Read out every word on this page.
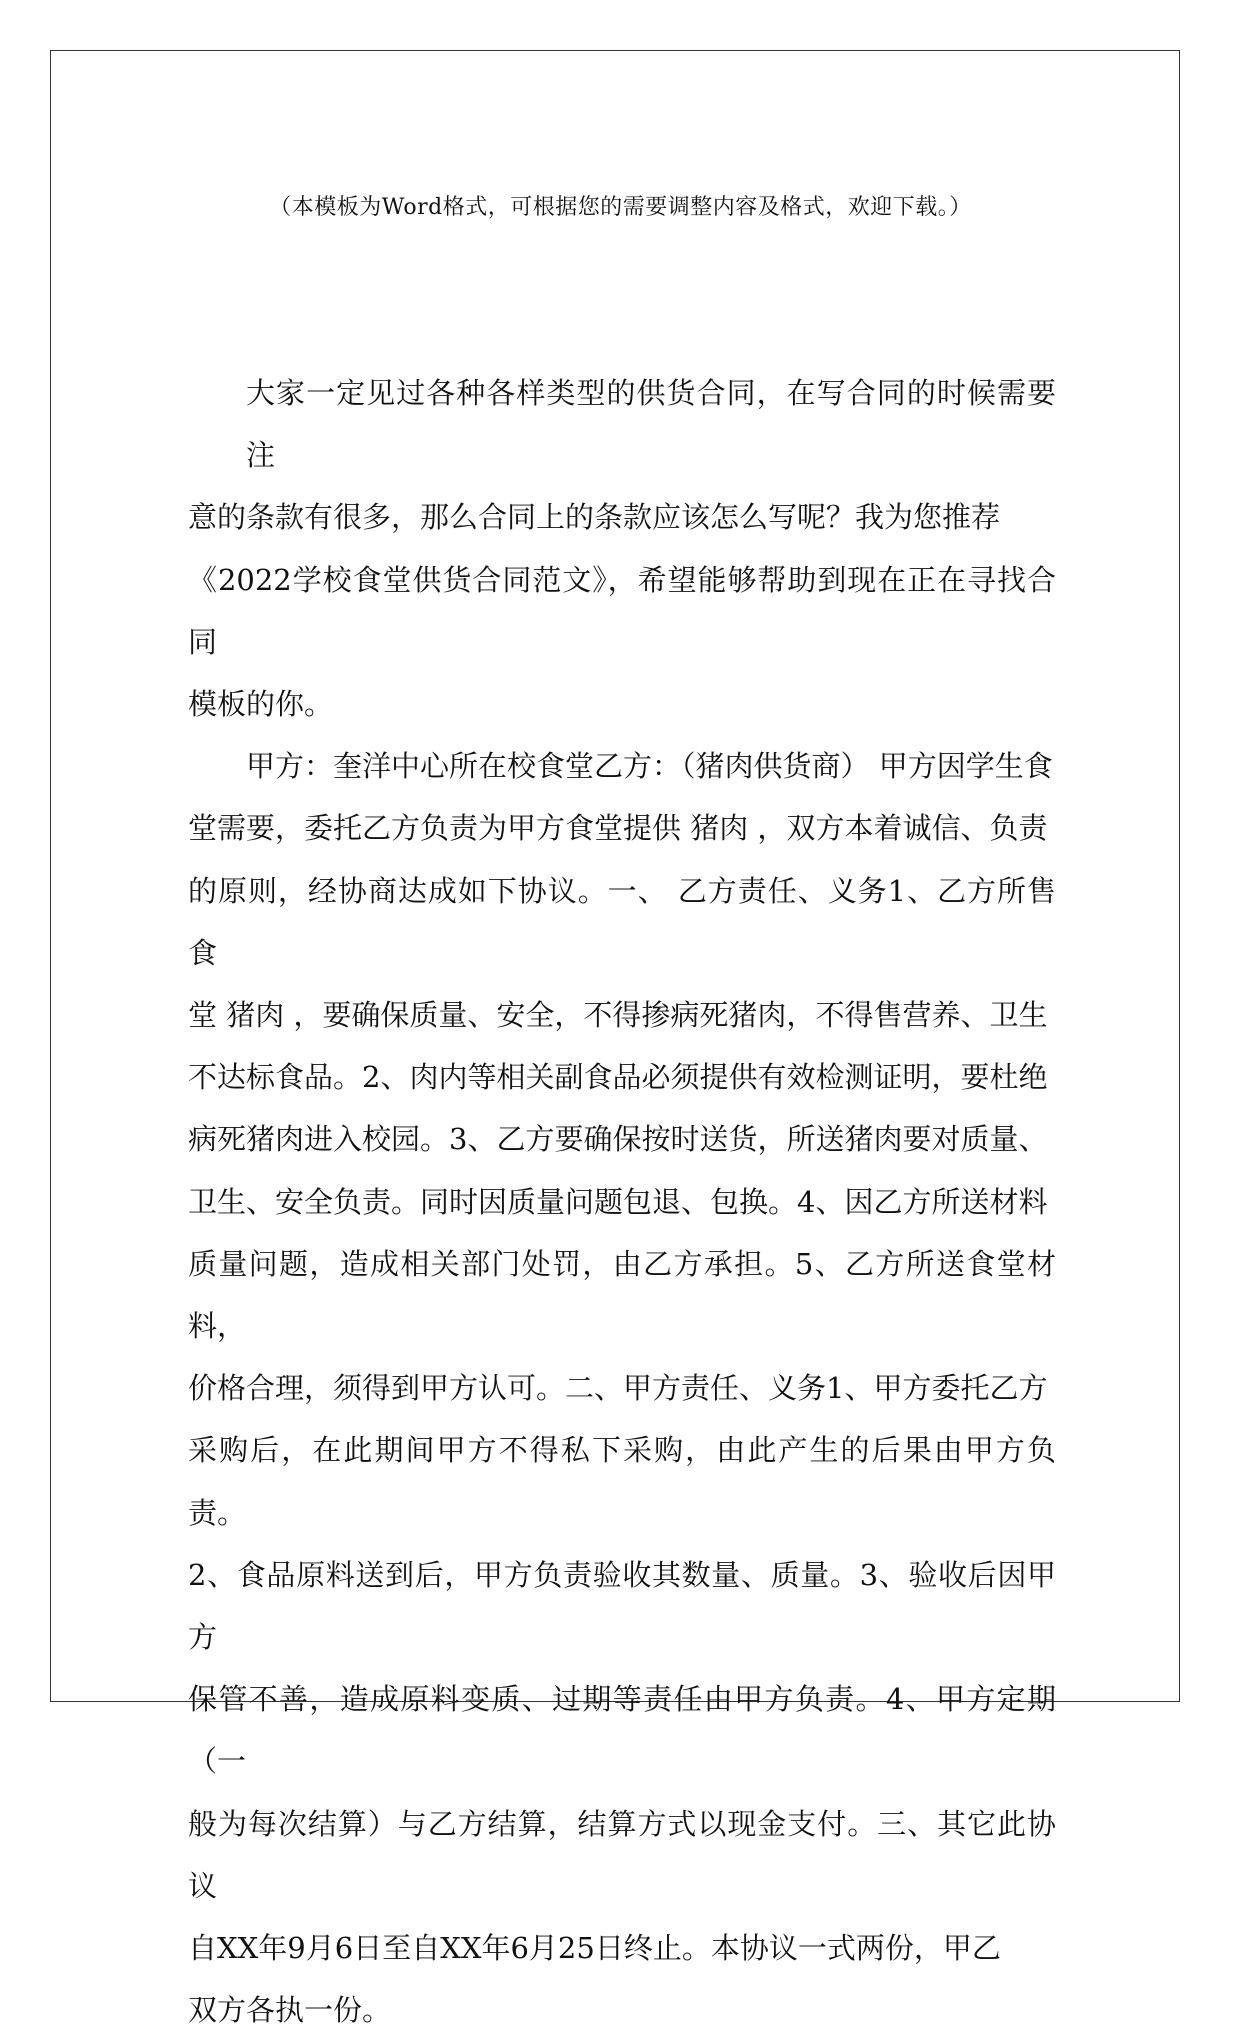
（本模板为Word格式，可根据您的需要调整内容及格式，欢迎下载。）

大家一定见过各种各样类型的供货合同，在写合同的时候需要注
意的条款有很多，那么合同上的条款应该怎么写呢？我为您推荐
《2022学校食堂供货合同范文》，希望能够帮助到现在正在寻找合同
模板的你。

甲方：奎洋中心所在校食堂乙方：（猪肉供货商） 甲方因学生食
堂需要，委托乙方负责为甲方食堂提供 猪肉 ，双方本着诚信、负责
的原则，经协商达成如下协议。一、 乙方责任、义务1、乙方所售食
堂 猪肉 ，要确保质量、安全，不得掺病死猪肉，不得售营养、卫生
不达标食品。2、肉内等相关副食品必须提供有效检测证明，要杜绝
病死猪肉进入校园。3、乙方要确保按时送货，所送猪肉要对质量、
卫生、安全负责。同时因质量问题包退、包换。4、因乙方所送材料
质量问题，造成相关部门处罚，由乙方承担。5、乙方所送食堂材料，
价格合理，须得到甲方认可。二、甲方责任、义务1、甲方委托乙方
采购后，在此期间甲方不得私下采购，由此产生的后果由甲方负责。
2、食品原料送到后，甲方负责验收其数量、质量。3、验收后因甲方
保管不善，造成原料变质、过期等责任由甲方负责。4、甲方定期（一
般为每次结算）与乙方结算，结算方式以现金支付。三、其它此协议
自XX年9月6日至自XX年6月25日终止。本协议一式两份，甲乙
双方各执一份。
